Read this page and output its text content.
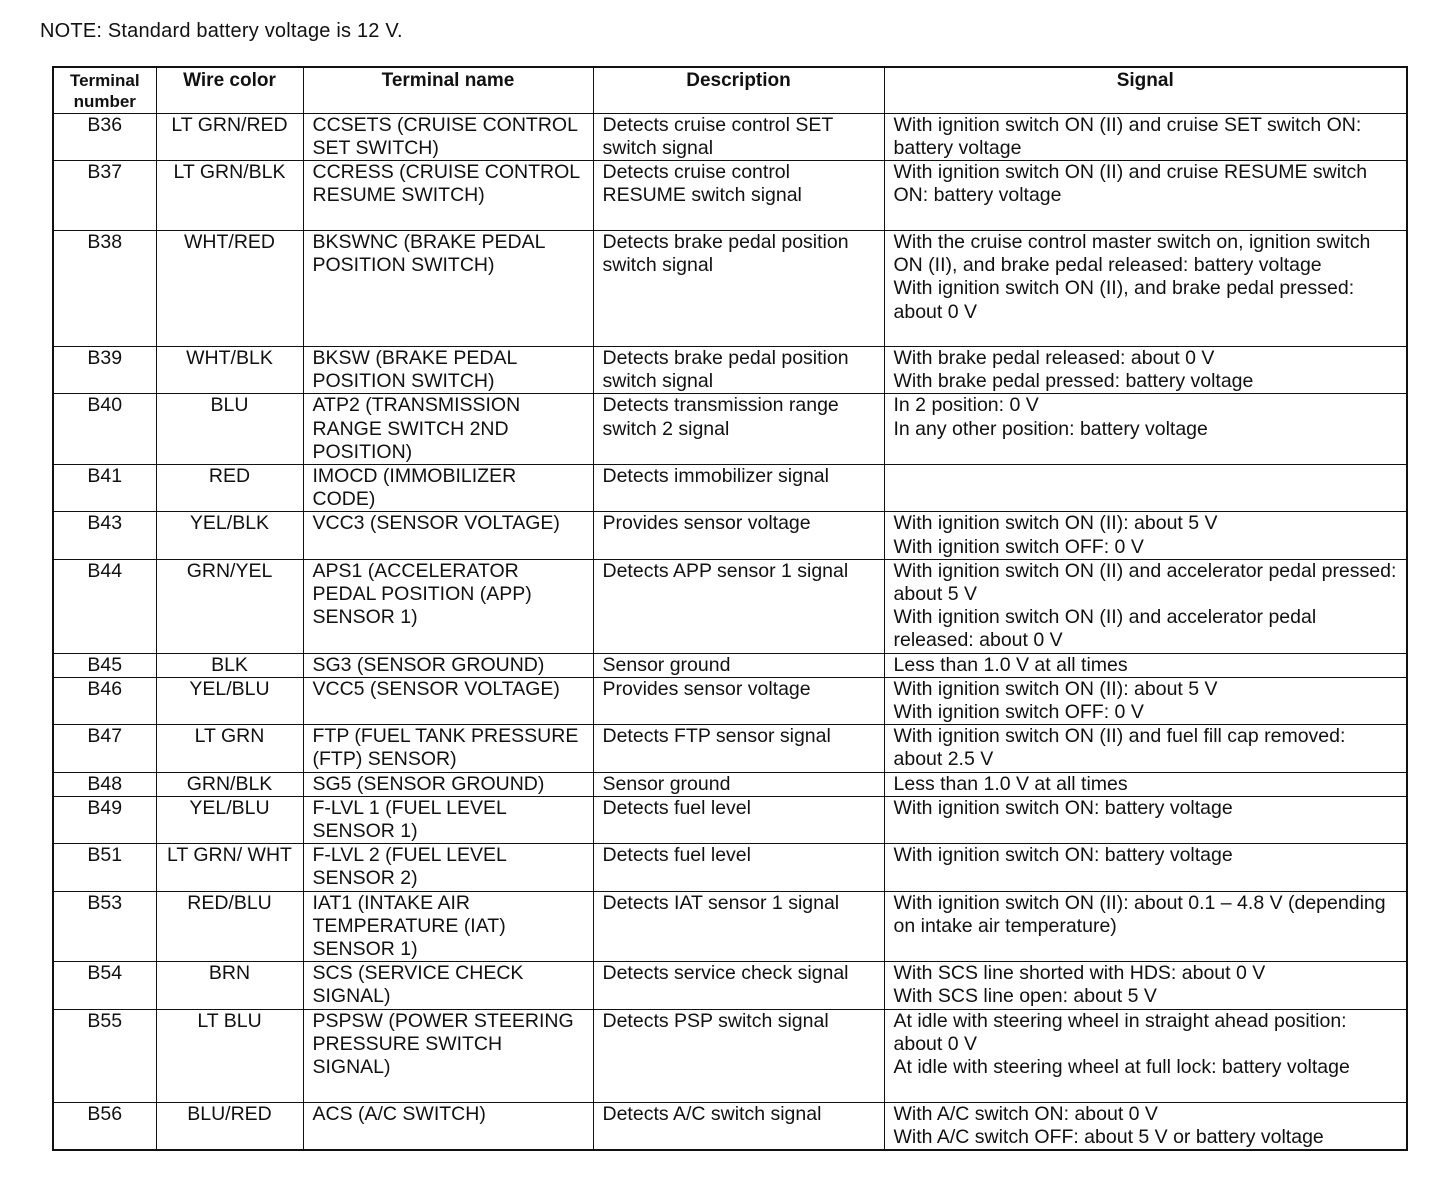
NOTE: Standard battery voltage is 12 V.
Terminal number	Wire color	Terminal name	Description	Signal
B36	LT GRN/RED	CCSETS (CRUISE CONTROL SET SWITCH)	Detects cruise control SET switch signal	With ignition switch ON (II) and cruise SET switch ON: battery voltage

B37	LT GRN/BLK	CCRESS (CRUISE CONTROL RESUME SWITCH)	Detects cruise control RESUME switch signal	With ignition switch ON (II) and cruise RESUME switch ON: battery voltage

B38	WHT/RED	BKSWNC (BRAKE PEDAL POSITION SWITCH)	Detects brake pedal position switch signal	With the cruise control master switch on, ignition switch ON (II), and brake pedal released: battery voltage
With ignition switch ON (II), and brake pedal pressed: about 0 V

B39	WHT/BLK	BKSW (BRAKE PEDAL POSITION SWITCH)	Detects brake pedal position switch signal	With brake pedal released: about 0 V
With brake pedal pressed: battery voltage

B40	BLU	ATP2 (TRANSMISSION RANGE SWITCH 2ND POSITION)	Detects transmission range switch 2 signal	In 2 position: 0 V
In any other position: battery voltage

B41	RED	IMOCD (IMMOBILIZER CODE)	Detects immobilizer signal	
B43	YEL/BLK	VCC3 (SENSOR VOLTAGE)	Provides sensor voltage	With ignition switch ON (II): about 5 V
With ignition switch OFF: 0 V

B44	GRN/YEL	APS1 (ACCELERATOR PEDAL POSITION (APP) SENSOR 1)	Detects APP sensor 1 signal	With ignition switch ON (II) and accelerator pedal pressed: about 5 V
With ignition switch ON (II) and accelerator pedal released: about 0 V

B45	BLK	SG3 (SENSOR GROUND)	Sensor ground	Less than 1.0 V at all times

B46	YEL/BLU	VCC5 (SENSOR VOLTAGE)	Provides sensor voltage	With ignition switch ON (II): about 5 V
With ignition switch OFF: 0 V

B47	LT GRN	FTP (FUEL TANK PRESSURE (FTP) SENSOR)	Detects FTP sensor signal	With ignition switch ON (II) and fuel fill cap removed: about 2.5 V

B48	GRN/BLK	SG5 (SENSOR GROUND)	Sensor ground	Less than 1.0 V at all times

B49	YEL/BLU	F-LVL 1 (FUEL LEVEL SENSOR 1)	Detects fuel level	With ignition switch ON: battery voltage

B51	LT GRN/ WHT	F-LVL 2 (FUEL LEVEL SENSOR 2)	Detects fuel level	With ignition switch ON: battery voltage

B53	RED/BLU	IAT1 (INTAKE AIR TEMPERATURE (IAT) SENSOR 1)	Detects IAT sensor 1 signal	With ignition switch ON (II): about 0.1 – 4.8 V (depending on intake air temperature)

B54	BRN	SCS (SERVICE CHECK SIGNAL)	Detects service check signal	With SCS line shorted with HDS: about 0 V
With SCS line open: about 5 V

B55	LT BLU	PSPSW (POWER STEERING PRESSURE SWITCH SIGNAL)	Detects PSP switch signal	At idle with steering wheel in straight ahead position: about 0 V
At idle with steering wheel at full lock: battery voltage

B56	BLU/RED	ACS (A/C SWITCH)	Detects A/C switch signal	With A/C switch ON: about 0 V
With A/C switch OFF: about 5 V or battery voltage
